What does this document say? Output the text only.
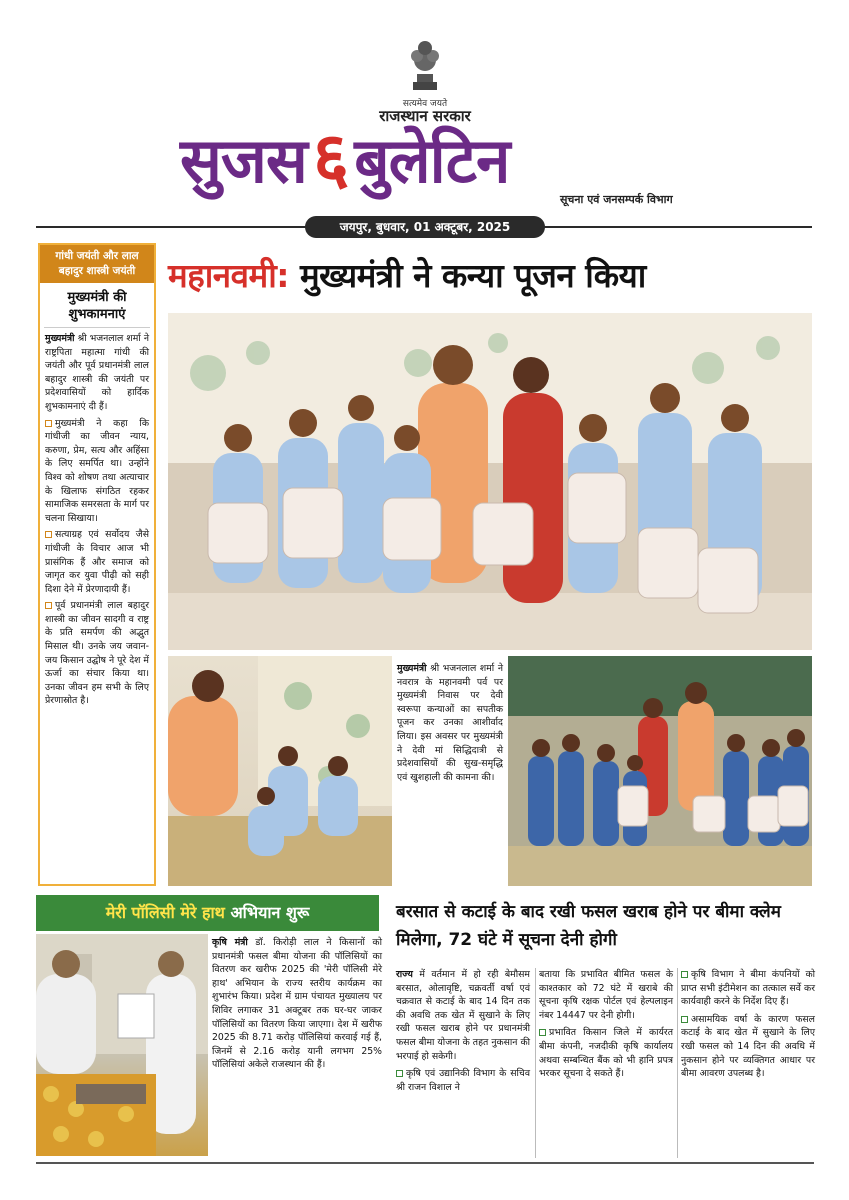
सत्यमेव जयते
राजस्थान सरकार
सुजस६बुलेटिन
सूचना एवं जनसम्पर्क विभाग
जयपुर, बुधवार, 01 अक्टूबर, 2025
गांधी जयंती और लाल बहादुर शास्त्री जयंती
मुख्यमंत्री की शुभकामनाएं

मुख्यमंत्री श्री भजनलाल शर्मा ने राष्ट्रपिता महात्मा गांधी की जयंती और पूर्व प्रधानमंत्री लाल बहादुर शास्त्री की जयंती पर प्रदेशवासियों को हार्दिक शुभकामनाएं दी हैं।

मुख्यमंत्री ने कहा कि गांधीजी का जीवन न्याय, करुणा, प्रेम, सत्य और अहिंसा के लिए समर्पित था। उन्होंने विश्व को शोषण तथा अत्याचार के खिलाफ संगठित रहकर सामाजिक समरसता के मार्ग पर चलना सिखाया।

सत्याग्रह एवं सर्वोदय जैसे गांधीजी के विचार आज भी प्रासंगिक हैं और समाज को जागृत कर युवा पीढ़ी को सही दिशा देने में प्रेरणादायी हैं।

पूर्व प्रधानमंत्री लाल बहादुर शास्त्री का जीवन सादगी व राष्ट्र के प्रति समर्पण की अद्भुत मिसाल थी। उनके जय जवान-जय किसान उद्घोष ने पूरे देश में ऊर्जा का संचार किया था। उनका जीवन हम सभी के लिए प्रेरणास्रोत है।

महानवमी: मुख्यमंत्री ने कन्या पूजन किया
मुख्यमंत्री श्री भजनलाल शर्मा ने नवरात्र के महानवमी पर्व पर मुख्यमंत्री निवास पर देवी स्वरूपा कन्याओं का सपतीक पूजन कर उनका आशीर्वाद लिया। इस अवसर पर मुख्यमंत्री ने देवी मां सिद्धिदात्री से प्रदेशवासियों की सुख-समृद्धि एवं खुशहाली की कामना की।
मेरी पॉलिसी मेरे हाथ अभियान शुरू
कृषि मंत्री डॉ. किरोड़ी लाल ने किसानों को प्रधानमंत्री फसल बीमा योजना की पॉलिसियों का वितरण कर खरीफ 2025 की 'मेरी पॉलिसी मेरे हाथ' अभियान के राज्य स्तरीय कार्यक्रम का शुभारंभ किया। प्रदेश में ग्राम पंचायत मुख्यालय पर शिविर लगाकर 31 अक्टूबर तक घर-घर जाकर पॉलिसियों का वितरण किया जाएगा। देश में खरीफ 2025 की 8.71 करोड़ पॉलिसियां करवाई गई हैं, जिनमें से 2.16 करोड़ यानी लगभग 25% पॉलिसियां अकेले राजस्थान की हैं।
बरसात से कटाई के बाद रखी फसल खराब होने पर बीमा क्लेम मिलेगा, 72 घंटे में सूचना देनी होगी

राज्य में वर्तमान में हो रही बेमौसम बरसात, ओलावृष्टि, चक्रवर्ती वर्षा एवं चक्रवात से कटाई के बाद 14 दिन तक की अवधि तक खेत में सुखाने के लिए रखी फसल खराब होने पर प्रधानमंत्री फसल बीमा योजना के तहत नुकसान की भरपाई हो सकेगी।

कृषि एवं उद्यानिकी विभाग के सचिव श्री राजन विशाल ने

बताया कि प्रभावित बीमित फसल के काश्तकार को 72 घंटे में खराबे की सूचना कृषि रक्षक पोर्टल एवं हेल्पलाइन नंबर 14447 पर देनी होगी।

प्रभावित किसान जिले में कार्यरत बीमा कंपनी, नजदीकी कृषि कार्यालय अथवा सम्बन्धित बैंक को भी हानि प्रपत्र भरकर सूचना दे सकते हैं।

कृषि विभाग ने बीमा कंपनियों को प्राप्त सभी इंटीमेशन का तत्काल सर्वे कर कार्यवाही करने के निर्देश दिए हैं।

असामयिक वर्षा के कारण फसल कटाई के बाद खेत में सुखाने के लिए रखी फसल को 14 दिन की अवधि में नुकसान होने पर व्यक्तिगत आधार पर बीमा आवरण उपलब्ध है।
